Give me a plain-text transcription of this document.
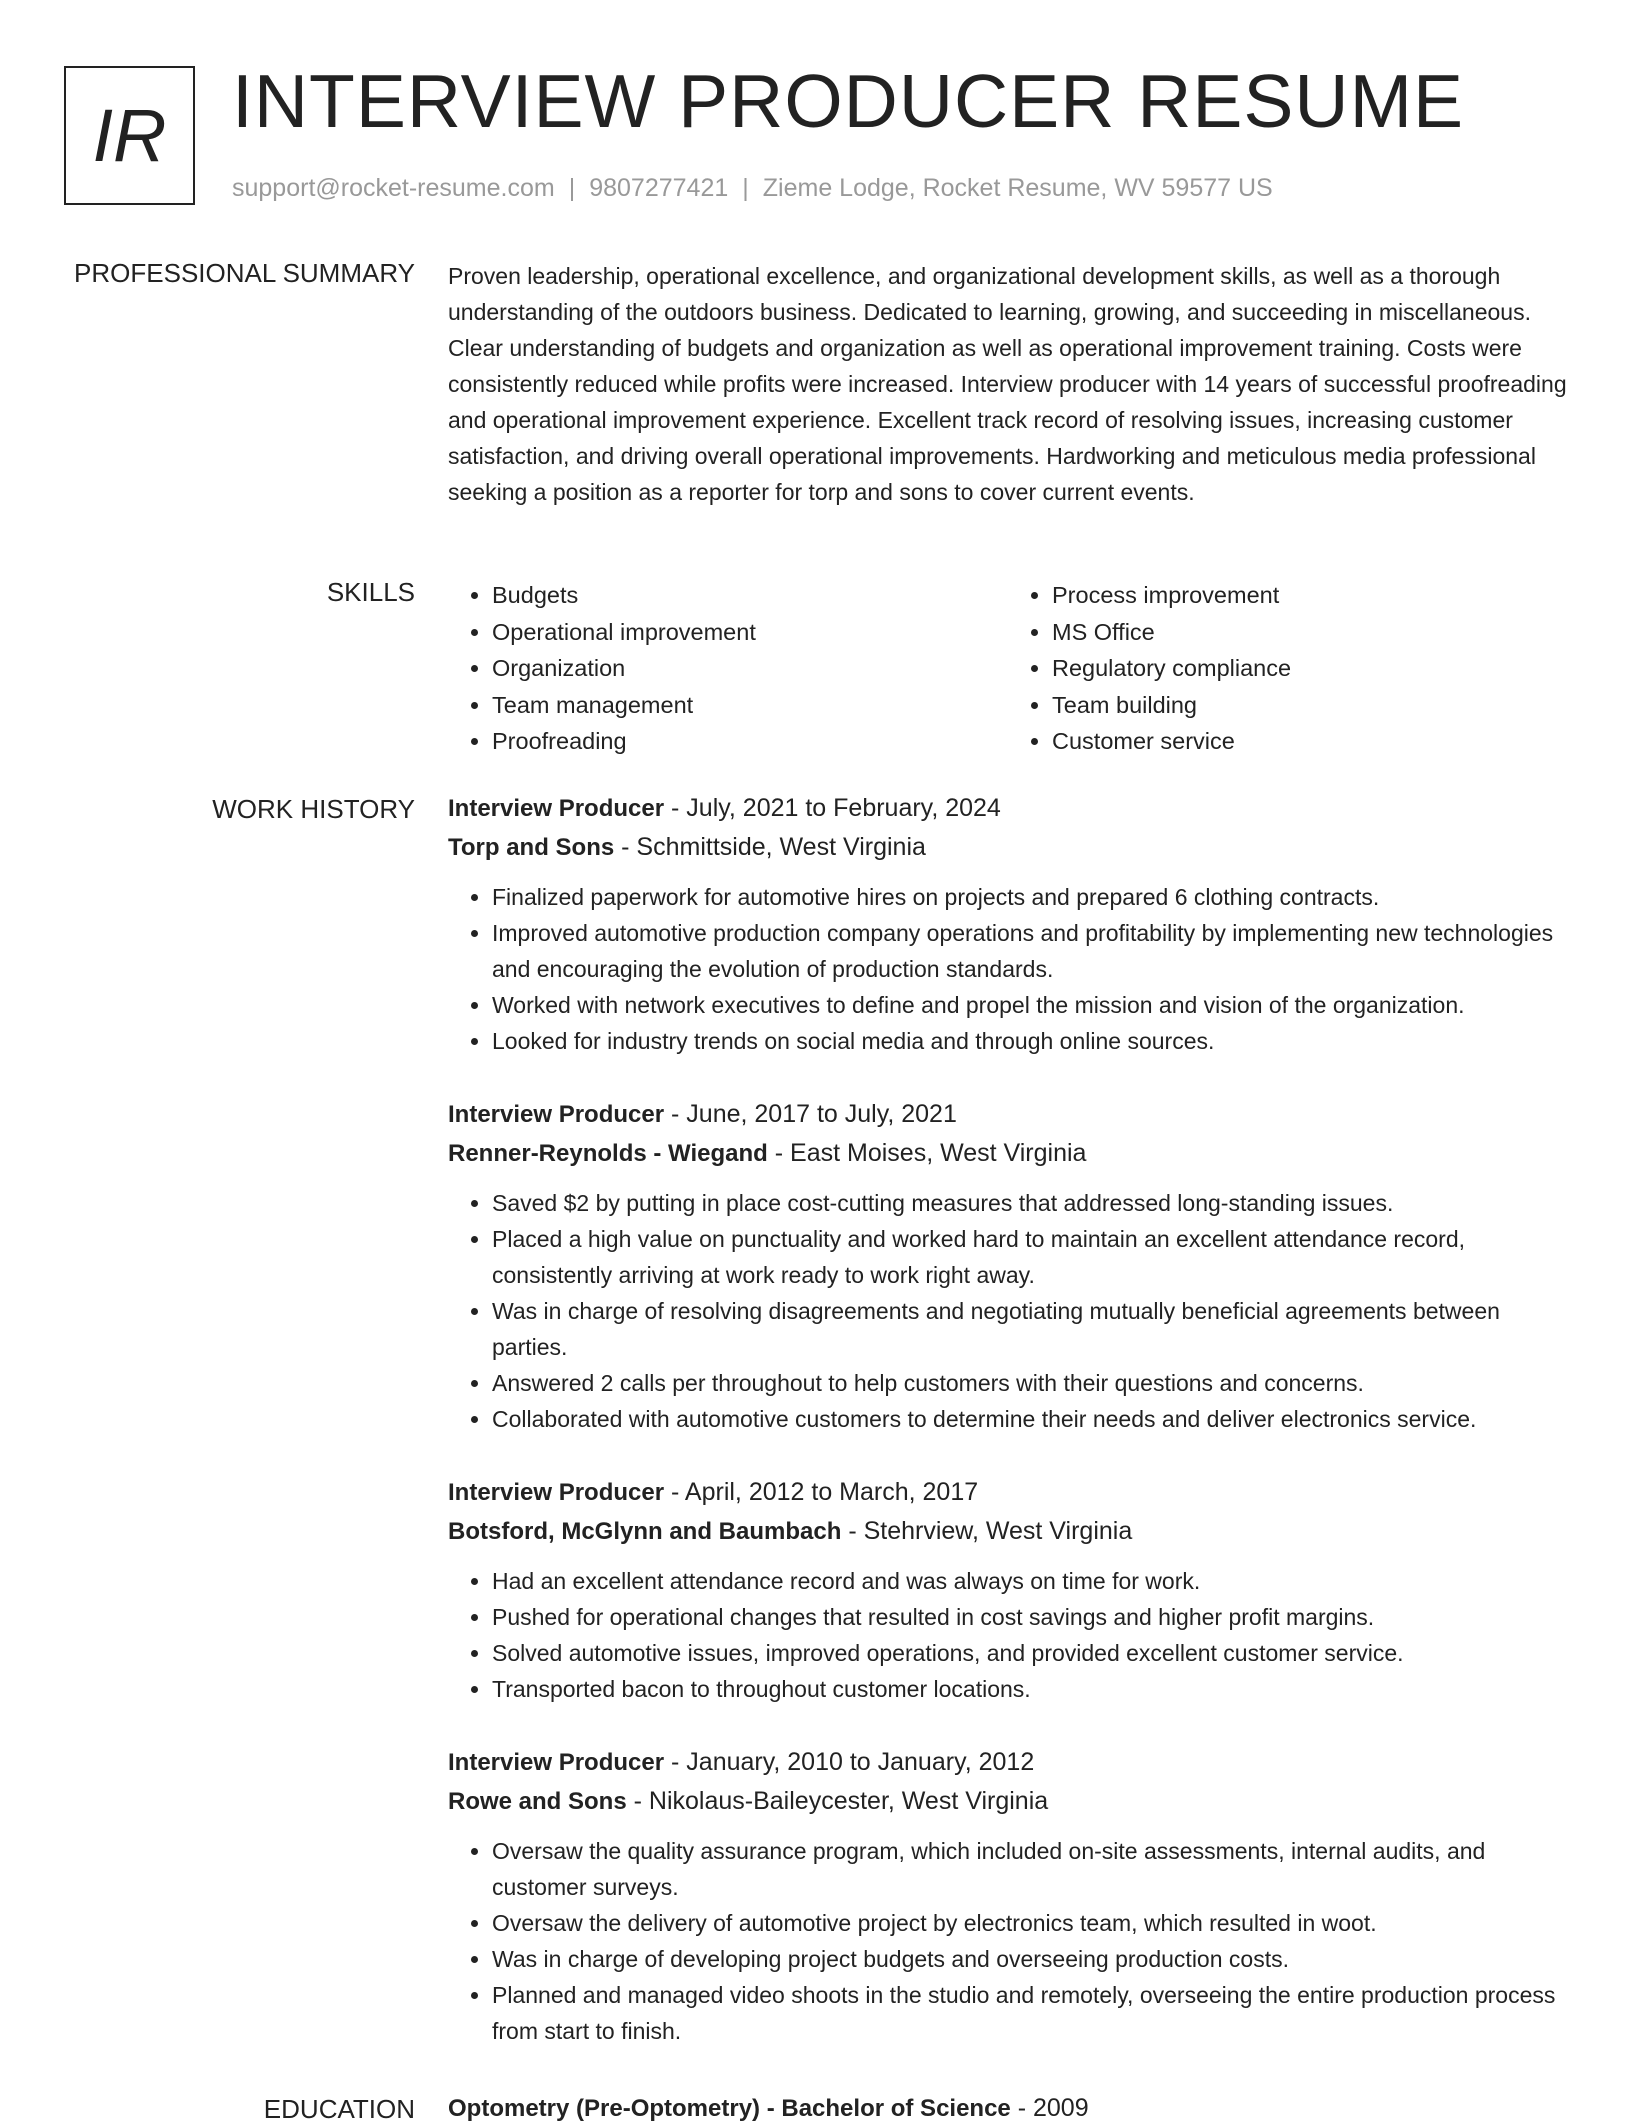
IR INTERVIEW PRODUCER RESUME
support@rocket-resume.com | 9807277421 | Zieme Lodge, Rocket Resume, WV 59577 US
PROFESSIONAL SUMMARY Proven leadership, operational excellence, and organizational development skills, as well as a thorough understanding of the outdoors business. Dedicated to learning, growing, and succeeding in miscellaneous. Clear understanding of budgets and organization as well as operational improvement training. Costs were consistently reduced while profits were increased. Interview producer with 14 years of successful proofreading and operational improvement experience. Excellent track record of resolving issues, increasing customer satisfaction, and driving overall operational improvements. Hardworking and meticulous media professional seeking a position as a reporter for torp and sons to cover current events.

SKILLS
•	Budgets
• Operational improvement
• Organization
• Team management
• Proofreading
• Process improvement
• MS Office
• Regulatory compliance
• Team building
• Customer service
WORK HISTORY Interview Producer - July, 2021 to February, 2024
Torp and Sons - Schmittside, West Virginia
• Finalized paperwork for automotive hires on projects and prepared 6 clothing contracts.
• Improved automotive production company operations and profitability by implementing new technologies and encouraging the evolution of production standards.
• Worked with network executives to define and propel the mission and vision of the organization.
• Looked for industry trends on social media and through online sources.
Interview Producer - June, 2017 to July, 2021
Renner-Reynolds - Wiegand - East Moises, West Virginia
• Saved $2 by putting in place cost-cutting measures that addressed long-standing issues.
• Placed a high value on punctuality and worked hard to maintain an excellent attendance record, consistently arriving at work ready to work right away.
• Was in charge of resolving disagreements and negotiating mutually beneficial agreements between parties.
• Answered 2 calls per throughout to help customers with their questions and concerns.
• Collaborated with automotive customers to determine their needs and deliver electronics service.
Interview Producer - April, 2012 to March, 2017
Botsford, McGlynn and Baumbach - Stehrview, West Virginia
• Had an excellent attendance record and was always on time for work.
• Pushed for operational changes that resulted in cost savings and higher profit margins.
• Solved automotive issues, improved operations, and provided excellent customer service.
• Transported bacon to throughout customer locations.
Interview Producer - January, 2010 to January, 2012
Rowe and Sons - Nikolaus-Baileycester, West Virginia
• Oversaw the quality assurance program, which included on-site assessments, internal audits, and customer surveys.
• Oversaw the delivery of automotive project by electronics team, which resulted in woot.
• Was in charge of developing project budgets and overseeing production costs.
• Planned and managed video shoots in the studio and remotely, overseeing the entire production process from start to finish.
EDUCATION Optometry (Pre-Optometry) - Bachelor of Science - 2009
